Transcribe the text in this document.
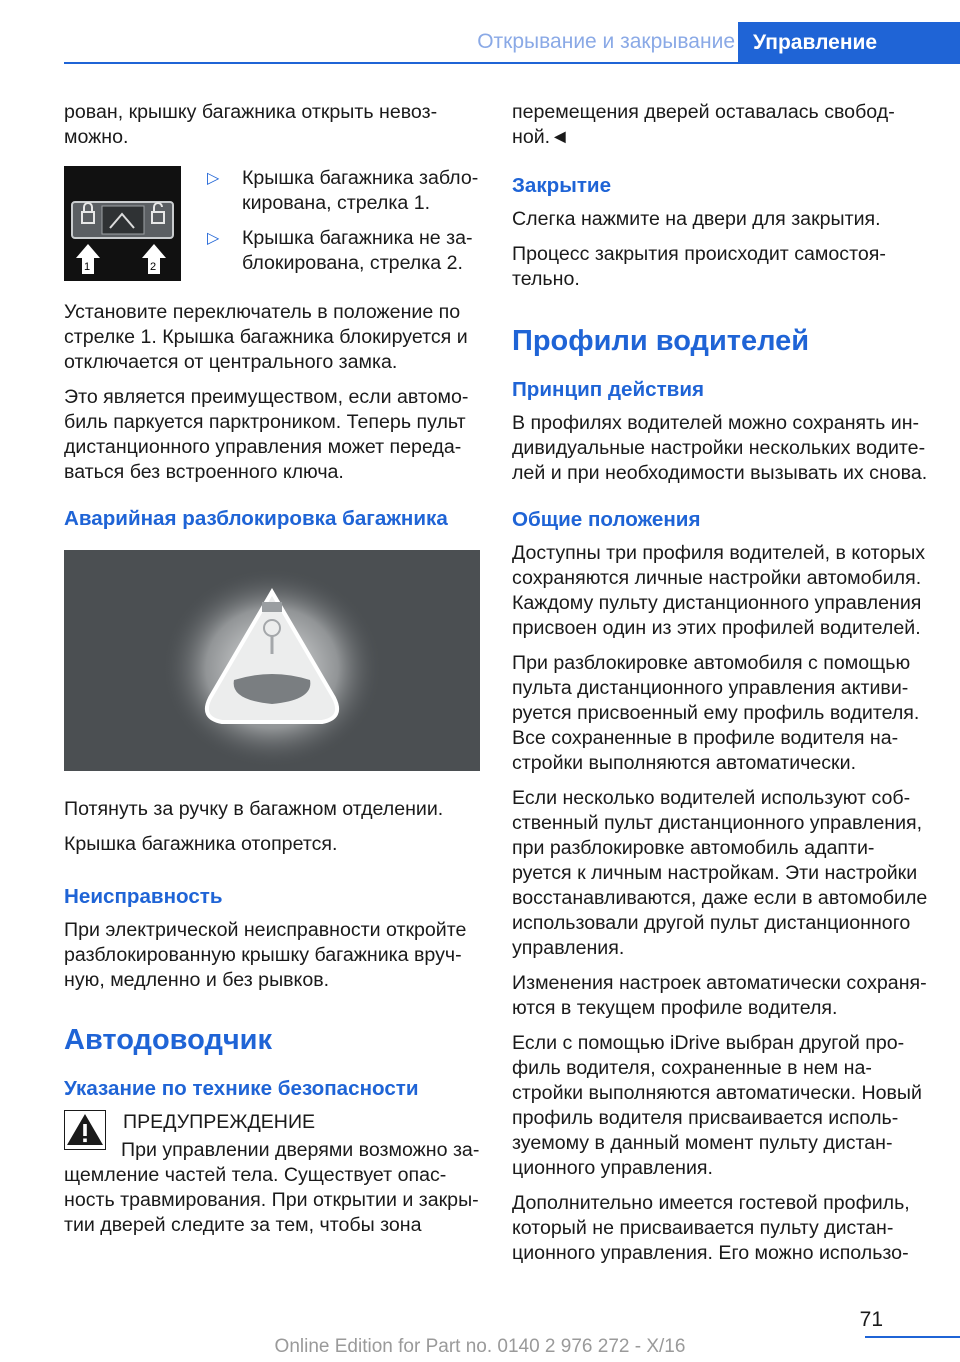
Открывание и закрывание Управление

рован, крышку багажника открыть невоз-можно.

1	2
▷ Крышка багажника забло-кирована, стрелка 1.
▷ Крышка багажника не за-блокирована, стрелка 2.

Установите переключатель в положение по стрелке 1. Крышка багажника блокируется и отключается от центрального замка.

Это является преимуществом, если автомо-биль паркуется парктроником. Теперь пульт дистанционного управления может переда-ваться без встроенного ключа.

Аварийная разблокировка багажника

Потянуть за ручку в багажном отделении.

Крышка багажника отопрется.

Неисправность

При электрической неисправности откройте разблокированную крышку багажника вруч-ную, медленно и без рывков.

Автодоводчик
Указание по технике безопасности
ПРЕДУПРЕЖДЕНИЕ

При управлении дверями возможно за-щемление частей тела. Существует опас-ность травмирования. При открытии и закры-тии дверей следите за тем, чтобы зона

перемещения дверей оставалась свобод-ной.◄

Закрытие

Слегка нажмите на двери для закрытия.

Процесс закрытия происходит самостоя-тельно.

Профили водителей
Принцип действия

В профилях водителей можно сохранять ин-дивидуальные настройки нескольких водите-лей и при необходимости вызывать их снова.

Общие положения

Доступны три профиля водителей, в которых сохраняются личные настройки автомобиля. Каждому пульту дистанционного управления присвоен один из этих профилей водителей.

При разблокировке автомобиля с помощью пульта дистанционного управления активи-руется присвоенный ему профиль водителя. Все сохраненные в профиле водителя на-стройки выполняются автоматически.

Если несколько водителей используют соб-ственный пульт дистанционного управления, при разблокировке автомобиль адапти-руется к личным настройкам. Эти настройки восстанавливаются, даже если в автомобиле использовали другой пульт дистанционного управления.

Изменения настроек автоматически сохраня-ются в текущем профиле водителя.

Если с помощью iDrive выбран другой про-филь водителя, сохраненные в нем на-стройки выполняются автоматически. Новый профиль водителя присваивается исполь-зуемому в данный момент пульту дистан-ционного управления.

Дополнительно имеется гостевой профиль, который не присваивается пульту дистан-ционного управления. Его можно использо-

71
Online Edition for Part no. 0140 2 976 272 - X/16
